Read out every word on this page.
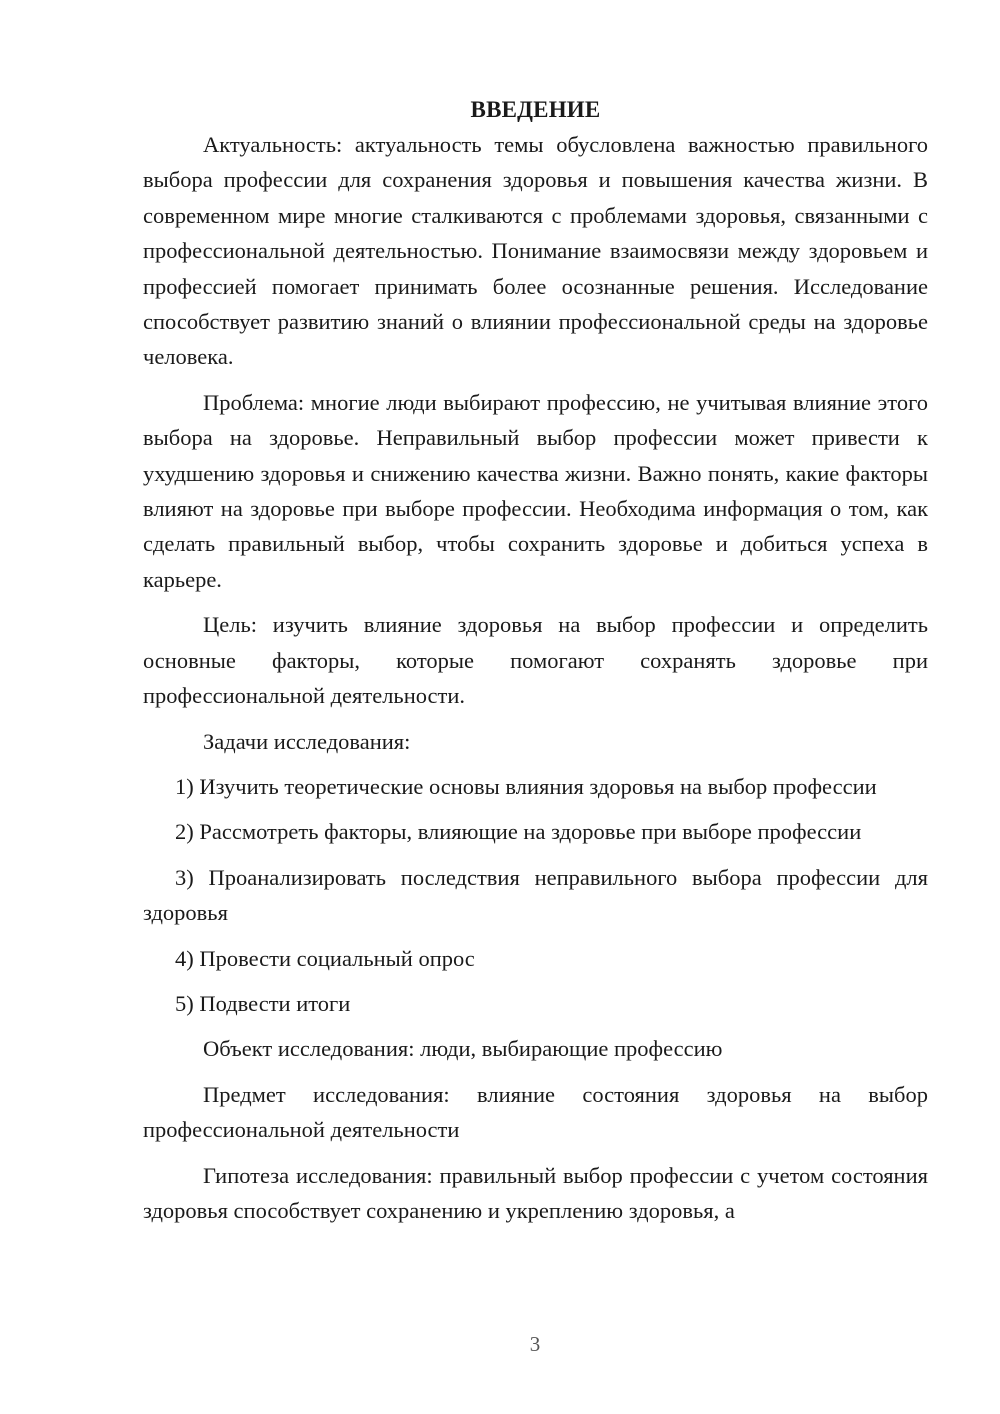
ВВЕДЕНИЕ

Актуальность: актуальность темы обусловлена важностью правильного выбора профессии для сохранения здоровья и повышения качества жизни. В современном мире многие сталкиваются с проблемами здоровья, связанными с профессиональной деятельностью. Понимание взаимосвязи между здоровьем и профессией помогает принимать более осознанные решения. Исследование способствует развитию знаний о влиянии профессиональной среды на здоровье человека.

Проблема: многие люди выбирают профессию, не учитывая влияние этого выбора на здоровье. Неправильный выбор профессии может привести к ухудшению здоровья и снижению качества жизни. Важно понять, какие факторы влияют на здоровье при выборе профессии. Необходима информация о том, как сделать правильный выбор, чтобы сохранить здоровье и добиться успеха в карьере.

Цель: изучить влияние здоровья на выбор профессии и определить основные факторы, которые помогают сохранять здоровье при профессиональной деятельности.

Задачи исследования:

1) Изучить теоретические основы влияния здоровья на выбор профессии

2) Рассмотреть факторы, влияющие на здоровье при выборе профессии

3) Проанализировать последствия неправильного выбора профессии для здоровья

4) Провести социальный опрос

5) Подвести итоги

Объект исследования: люди, выбирающие профессию

Предмет исследования: влияние состояния здоровья на выбор профессиональной деятельности

Гипотеза исследования: правильный выбор профессии с учетом состояния здоровья способствует сохранению и укреплению здоровья, а

3
